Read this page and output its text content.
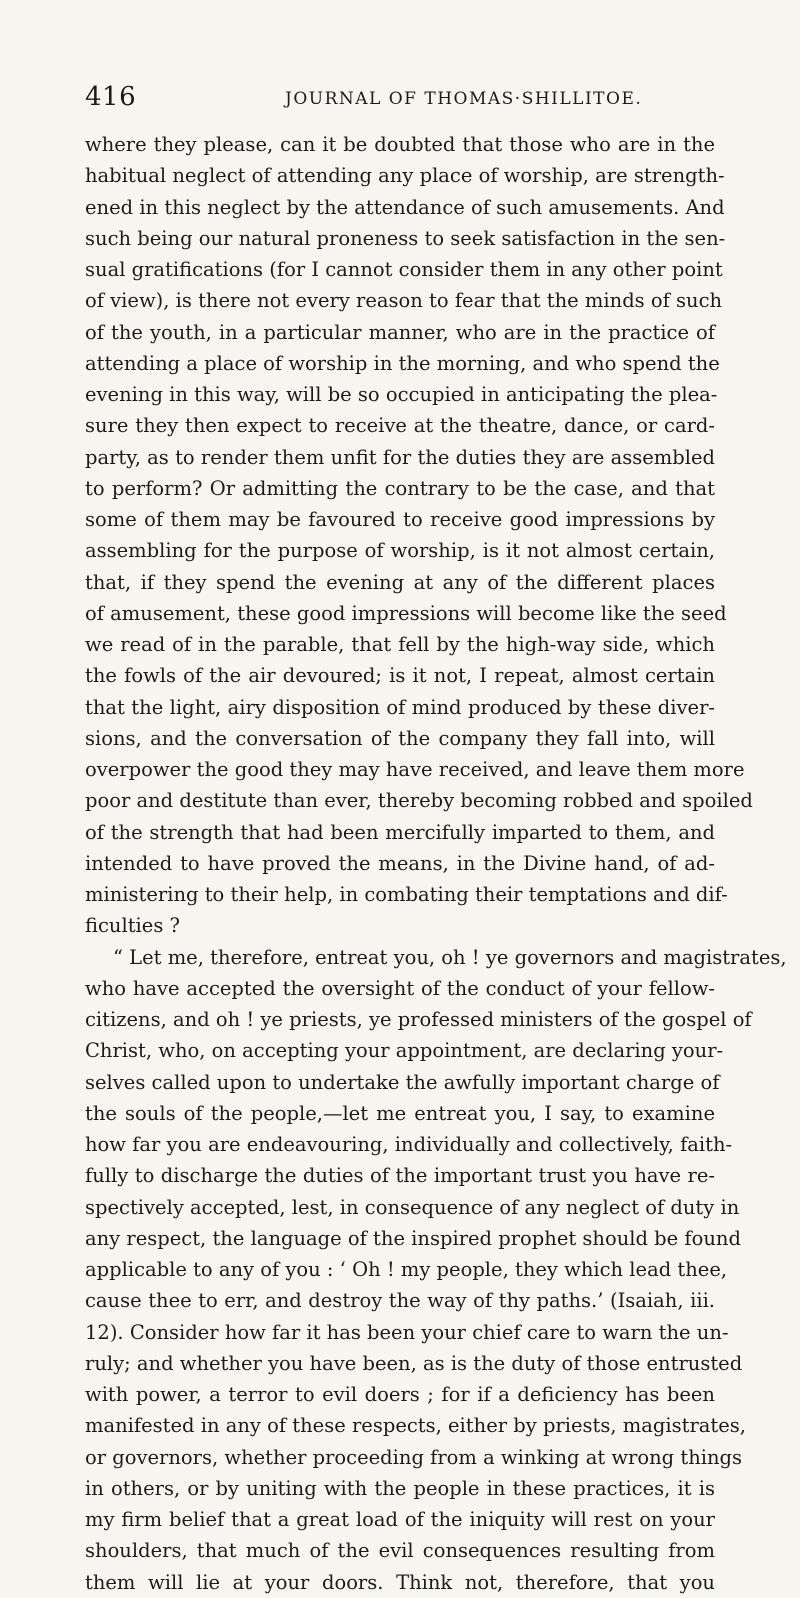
416	JOURNAL OF THOMAS·SHILLITOE.
where they please, can it be doubted that those who are in the
habitual neglect of attending any place of worship, are strength-
ened in this neglect by the attendance of such amusements. And
such being our natural proneness to seek satisfaction in the sen-
sual gratifications (for I cannot consider them in any other point
of view), is there not every reason to fear that the minds of such
of the youth, in a particular manner, who are in the practice of
attending a place of worship in the morning, and who spend the
evening in this way, will be so occupied in anticipating the plea-
sure they then expect to receive at the theatre, dance, or card-
party, as to render them unfit for the duties they are assembled
to perform? Or admitting the contrary to be the case, and that
some of them may be favoured to receive good impressions by
assembling for the purpose of worship, is it not almost certain,
that, if they spend the evening at any of the different places
of amusement, these good impressions will become like the seed
we read of in the parable, that fell by the high-way side, which
the fowls of the air devoured; is it not, I repeat, almost certain
that the light, airy disposition of mind produced by these diver-
sions, and the conversation of the company they fall into, will
overpower the good they may have received, and leave them more
poor and destitute than ever, thereby becoming robbed and spoiled
of the strength that had been mercifully imparted to them, and
intended to have proved the means, in the Divine hand, of ad-
ministering to their help, in combating their temptations and dif-
ficulties ?
“ Let me, therefore, entreat you, oh ! ye governors and magistrates,
who have accepted the oversight of the conduct of your fellow-
citizens, and oh ! ye priests, ye professed ministers of the gospel of
Christ, who, on accepting your appointment, are declaring your-
selves called upon to undertake the awfully important charge of
the souls of the people,—let me entreat you, I say, to examine
how far you are endeavouring, individually and collectively, faith-
fully to discharge the duties of the important trust you have re-
spectively accepted, lest, in consequence of any neglect of duty in
any respect, the language of the inspired prophet should be found
applicable to any of you : ‘ Oh ! my people, they which lead thee,
cause thee to err, and destroy the way of thy paths.’ (Isaiah, iii.
12). Consider how far it has been your chief care to warn the un-
ruly; and whether you have been, as is the duty of those entrusted
with power, a terror to evil doers ; for if a deficiency has been
manifested in any of these respects, either by priests, magistrates,
or governors, whether proceeding from a winking at wrong things
in others, or by uniting with the people in these practices, it is
my firm belief that a great load of the iniquity will rest on your
shoulders, that much of the evil consequences resulting from
them will lie at your doors. Think not, therefore, that you
